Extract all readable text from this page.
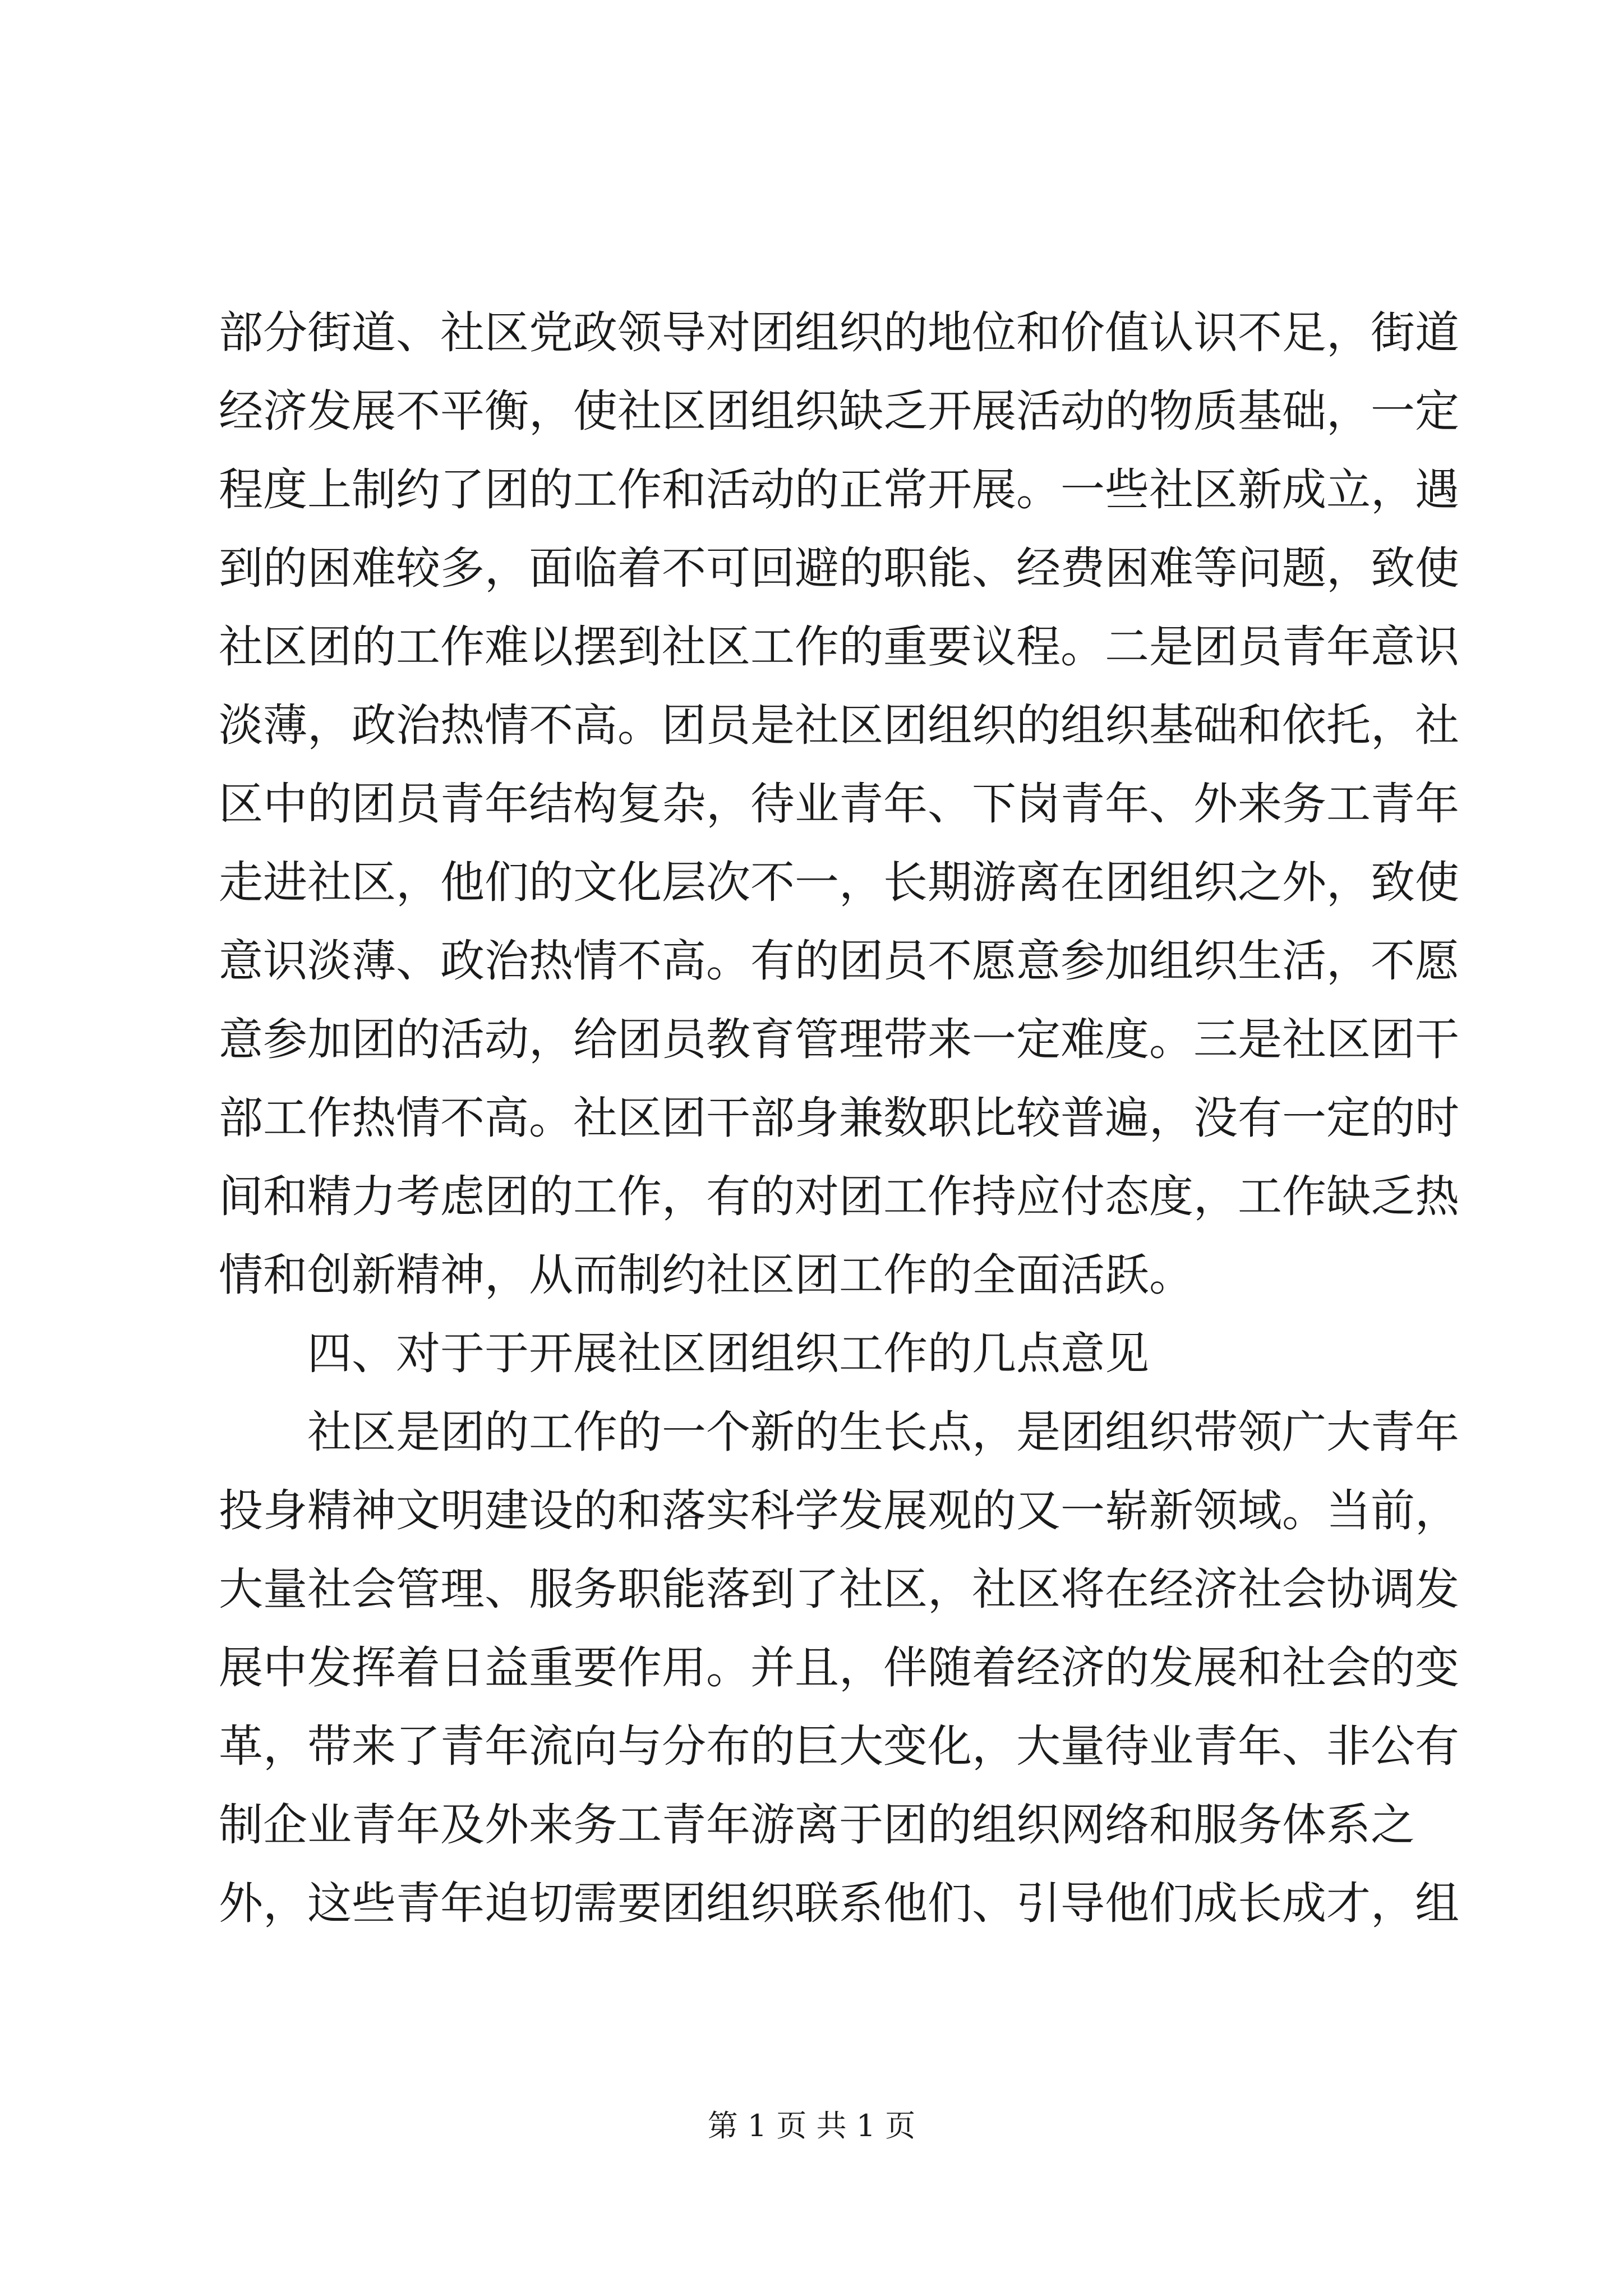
部分街道、社区党政领导对团组织的地位和价值认识不足，街道
经济发展不平衡，使社区团组织缺乏开展活动的物质基础，一定
程度上制约了团的工作和活动的正常开展。一些社区新成立，遇
到的困难较多，面临着不可回避的职能、经费困难等问题，致使
社区团的工作难以摆到社区工作的重要议程。二是团员青年意识
淡薄，政治热情不高。团员是社区团组织的组织基础和依托，社
区中的团员青年结构复杂，待业青年、下岗青年、外来务工青年
走进社区，他们的文化层次不一，长期游离在团组织之外，致使
意识淡薄、政治热情不高。有的团员不愿意参加组织生活，不愿
意参加团的活动，给团员教育管理带来一定难度。三是社区团干
部工作热情不高。社区团干部身兼数职比较普遍，没有一定的时
间和精力考虑团的工作，有的对团工作持应付态度，工作缺乏热
情和创新精神，从而制约社区团工作的全面活跃。
四、对于于开展社区团组织工作的几点意见
社区是团的工作的一个新的生长点，是团组织带领广大青年
投身精神文明建设的和落实科学发展观的又一崭新领域。当前，
大量社会管理、服务职能落到了社区，社区将在经济社会协调发
展中发挥着日益重要作用。并且，伴随着经济的发展和社会的变
革，带来了青年流向与分布的巨大变化，大量待业青年、非公有
制企业青年及外来务工青年游离于团的组织网络和服务体系之
外，这些青年迫切需要团组织联系他们、引导他们成长成才，组
第 1 页 共 1 页
